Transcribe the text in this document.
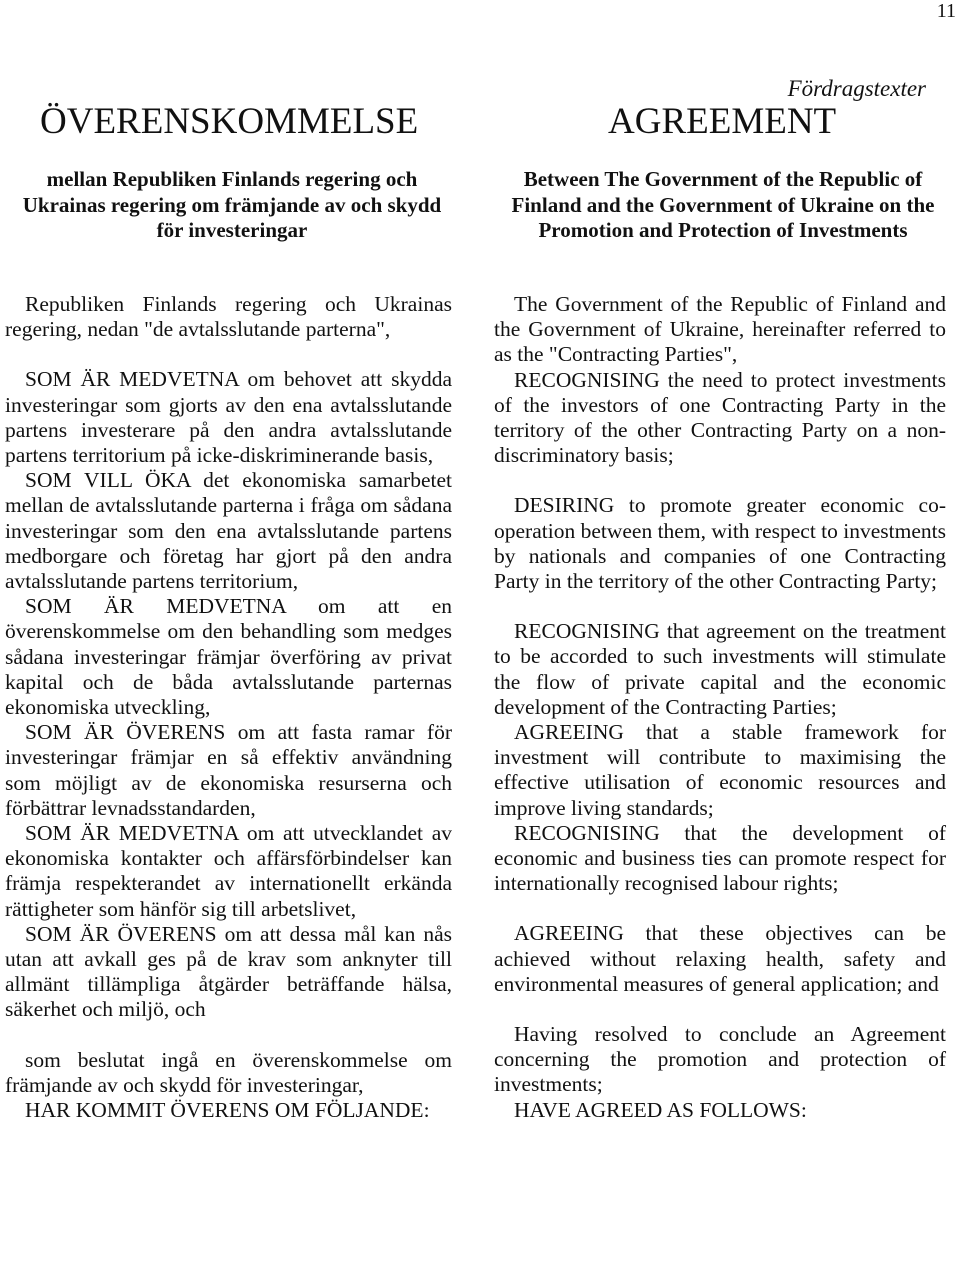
11
Fördragstexter
ÖVERENSKOMMELSE	AGREEMENT
mellan Republiken Finlands regering och Ukrainas regering om främjande av och skydd för investeringar
Between The Government of the Republic of Finland and the Government of Ukraine on the Promotion and Protection of Investments

Republiken Finlands regering och Ukrainas regering, nedan "de avtalsslutande parterna",

SOM ÄR MEDVETNA om behovet att skydda investeringar som gjorts av den ena avtalsslutande partens investerare på den andra avtalsslutande partens territorium på icke-diskriminerande basis,

SOM VILL ÖKA det ekonomiska samarbetet mellan de avtalsslutande parterna i fråga om sådana investeringar som den ena avtalsslutande partens medborgare och företag har gjort på den andra avtalsslutande partens territorium,

SOM ÄR MEDVETNA om att en överenskommelse om den behandling som medges sådana investeringar främjar överföring av privat kapital och de båda avtalsslutande parternas ekonomiska utveckling,

SOM ÄR ÖVERENS om att fasta ramar för investeringar främjar en så effektiv användning som möjligt av de ekonomiska resurserna och förbättrar levnadsstandarden,

SOM ÄR MEDVETNA om att utvecklandet av ekonomiska kontakter och affärsförbindelser kan främja respekterandet av internationellt erkända rättigheter som hänför sig till arbetslivet,

SOM ÄR ÖVERENS om att dessa mål kan nås utan att avkall ges på de krav som anknyter till allmänt tillämpliga åtgärder beträffande hälsa, säkerhet och miljö, och

som beslutat ingå en överenskommelse om främjande av och skydd för investeringar,

HAR KOMMIT ÖVERENS OM FÖLJANDE:

The Government of the Republic of Finland and the Government of Ukraine, hereinafter referred to as the "Contracting Parties",

RECOGNISING the need to protect investments of the investors of one Contracting Party in the territory of the other Contracting Party on a non-discriminatory basis;

DESIRING to promote greater economic co-operation between them, with respect to investments by nationals and companies of one Contracting Party in the territory of the other Contracting Party;

RECOGNISING that agreement on the treatment to be accorded to such investments will stimulate the flow of private capital and the economic development of the Contracting Parties;

AGREEING that a stable framework for investment will contribute to maximising the effective utilisation of economic resources and improve living standards;

RECOGNISING that the development of economic and business ties can promote respect for internationally recognised labour rights;

AGREEING that these objectives can be achieved without relaxing health, safety and environmental measures of general application; and

Having resolved to conclude an Agreement concerning the promotion and protection of investments;

HAVE AGREED AS FOLLOWS:
